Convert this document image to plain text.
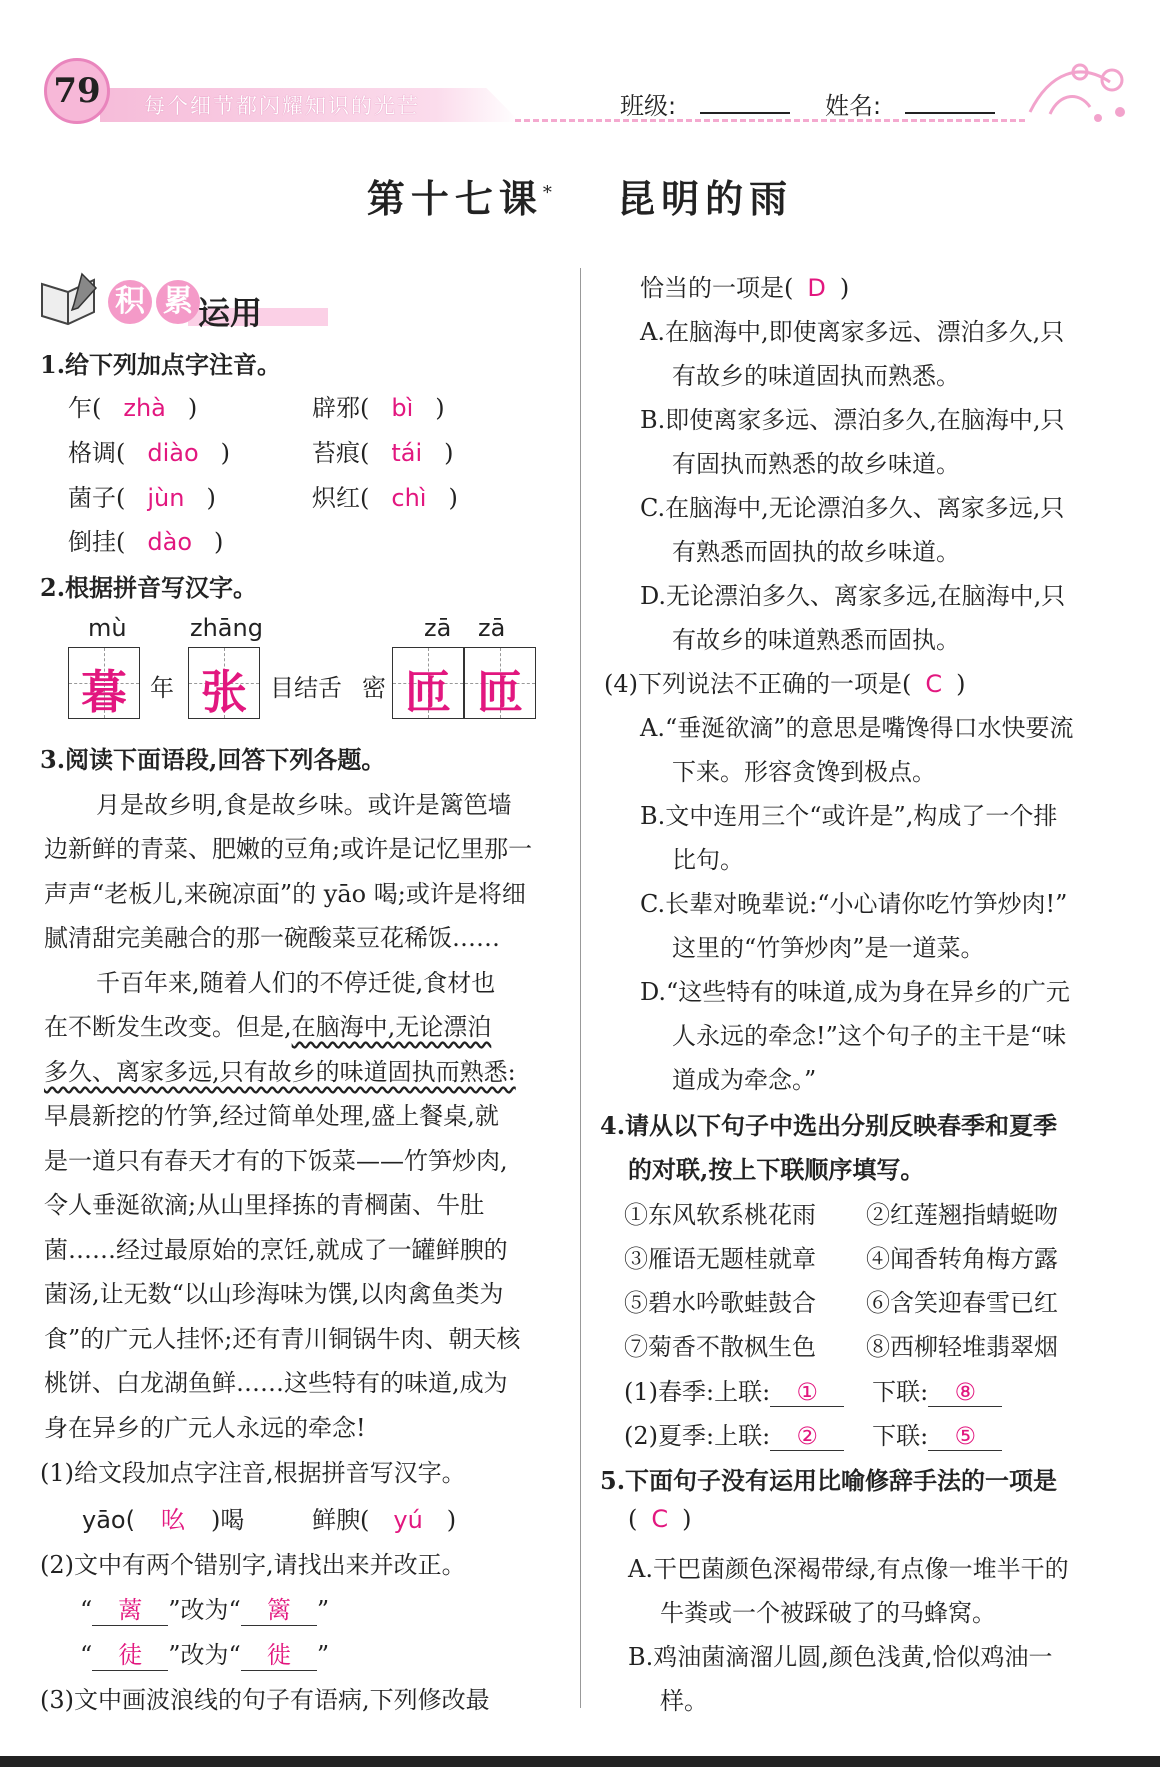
79	每个细节都闪耀知识的光芒	班级:	姓名:
第十七课* 昆明的雨
积 累 运用
1.给下列加点字注音。
乍( zhà )	辟邪( bì )
格调( diào )	苔痕( tái )
菌子( jùn )	炽红( chì )
倒挂( dào )
2.根据拼音写汉字。
mù	zhāng	zā zā
暮 年 张 目结舌 密 匝 匝
3.阅读下面语段,回答下列各题。
月是故乡明,食是故乡味。或许是篱笆墙
边新鲜的青菜、肥嫩的豆角;或许是记忆里那一
声声“老板儿,来碗凉面”的 yāo 喝;或许是将细
腻清甜完美融合的那一碗酸菜豆花稀饭……
千百年来,随着人们的不停迁徙,食材也
在不断发生改变。但是,在脑海中,无论漂泊
多久、离家多远,只有故乡的味道固执而熟悉:
早晨新挖的竹笋,经过简单处理,盛上餐桌,就
是一道只有春天才有的下饭菜——竹笋炒肉,
令人垂涎欲滴;从山里择拣的青棡菌、牛肚
菌……经过最原始的烹饪,就成了一罐鲜腴的
菌汤,让无数“以山珍海味为馔,以肉禽鱼类为
食”的广元人挂怀;还有青川铜锅牛肉、朝天核
桃饼、白龙湖鱼鲜……这些特有的味道,成为
身在异乡的广元人永远的牵念!
(1)给文段加点字注音,根据拼音写汉字。
yāo( 吆 )喝	鲜腴( yú )
(2)文中有两个错别字,请找出来并改正。
“ 蓠 ”改为“ 篱 ”
“ 徒 ”改为“ 徙 ”
(3)文中画波浪线的句子有语病,下列修改最
恰当的一项是( D )
A.在脑海中,即使离家多远、漂泊多久,只
有故乡的味道固执而熟悉。
B.即使离家多远、漂泊多久,在脑海中,只
有固执而熟悉的故乡味道。
C.在脑海中,无论漂泊多久、离家多远,只
有熟悉而固执的故乡味道。
D.无论漂泊多久、离家多远,在脑海中,只
有故乡的味道熟悉而固执。
(4)下列说法不正确的一项是( C )
A.“垂涎欲滴”的意思是嘴馋得口水快要流
下来。形容贪馋到极点。
B.文中连用三个“或许是”,构成了一个排
比句。
C.长辈对晚辈说:“小心请你吃竹笋炒肉!”
这里的“竹笋炒肉”是一道菜。
D.“这些特有的味道,成为身在异乡的广元
人永远的牵念!”这个句子的主干是“味
道成为牵念。”
4.请从以下句子中选出分别反映春季和夏季
的对联,按上下联顺序填写。
①东风软系桃花雨 ②红莲翘指蜻蜓吻
③雁语无题桂就章 ④闻香转角梅方露
⑤碧水吟歌蛙鼓合 ⑥含笑迎春雪已红
⑦菊香不散枫生色 ⑧西柳轻堆翡翠烟
(1)春季:上联: ① 下联: ⑧
(2)夏季:上联: ② 下联: ⑤
5.下面句子没有运用比喻修辞手法的一项是
( C )
A.干巴菌颜色深褐带绿,有点像一堆半干的
牛粪或一个被踩破了的马蜂窝。
B.鸡油菌滴溜儿圆,颜色浅黄,恰似鸡油一
样。
